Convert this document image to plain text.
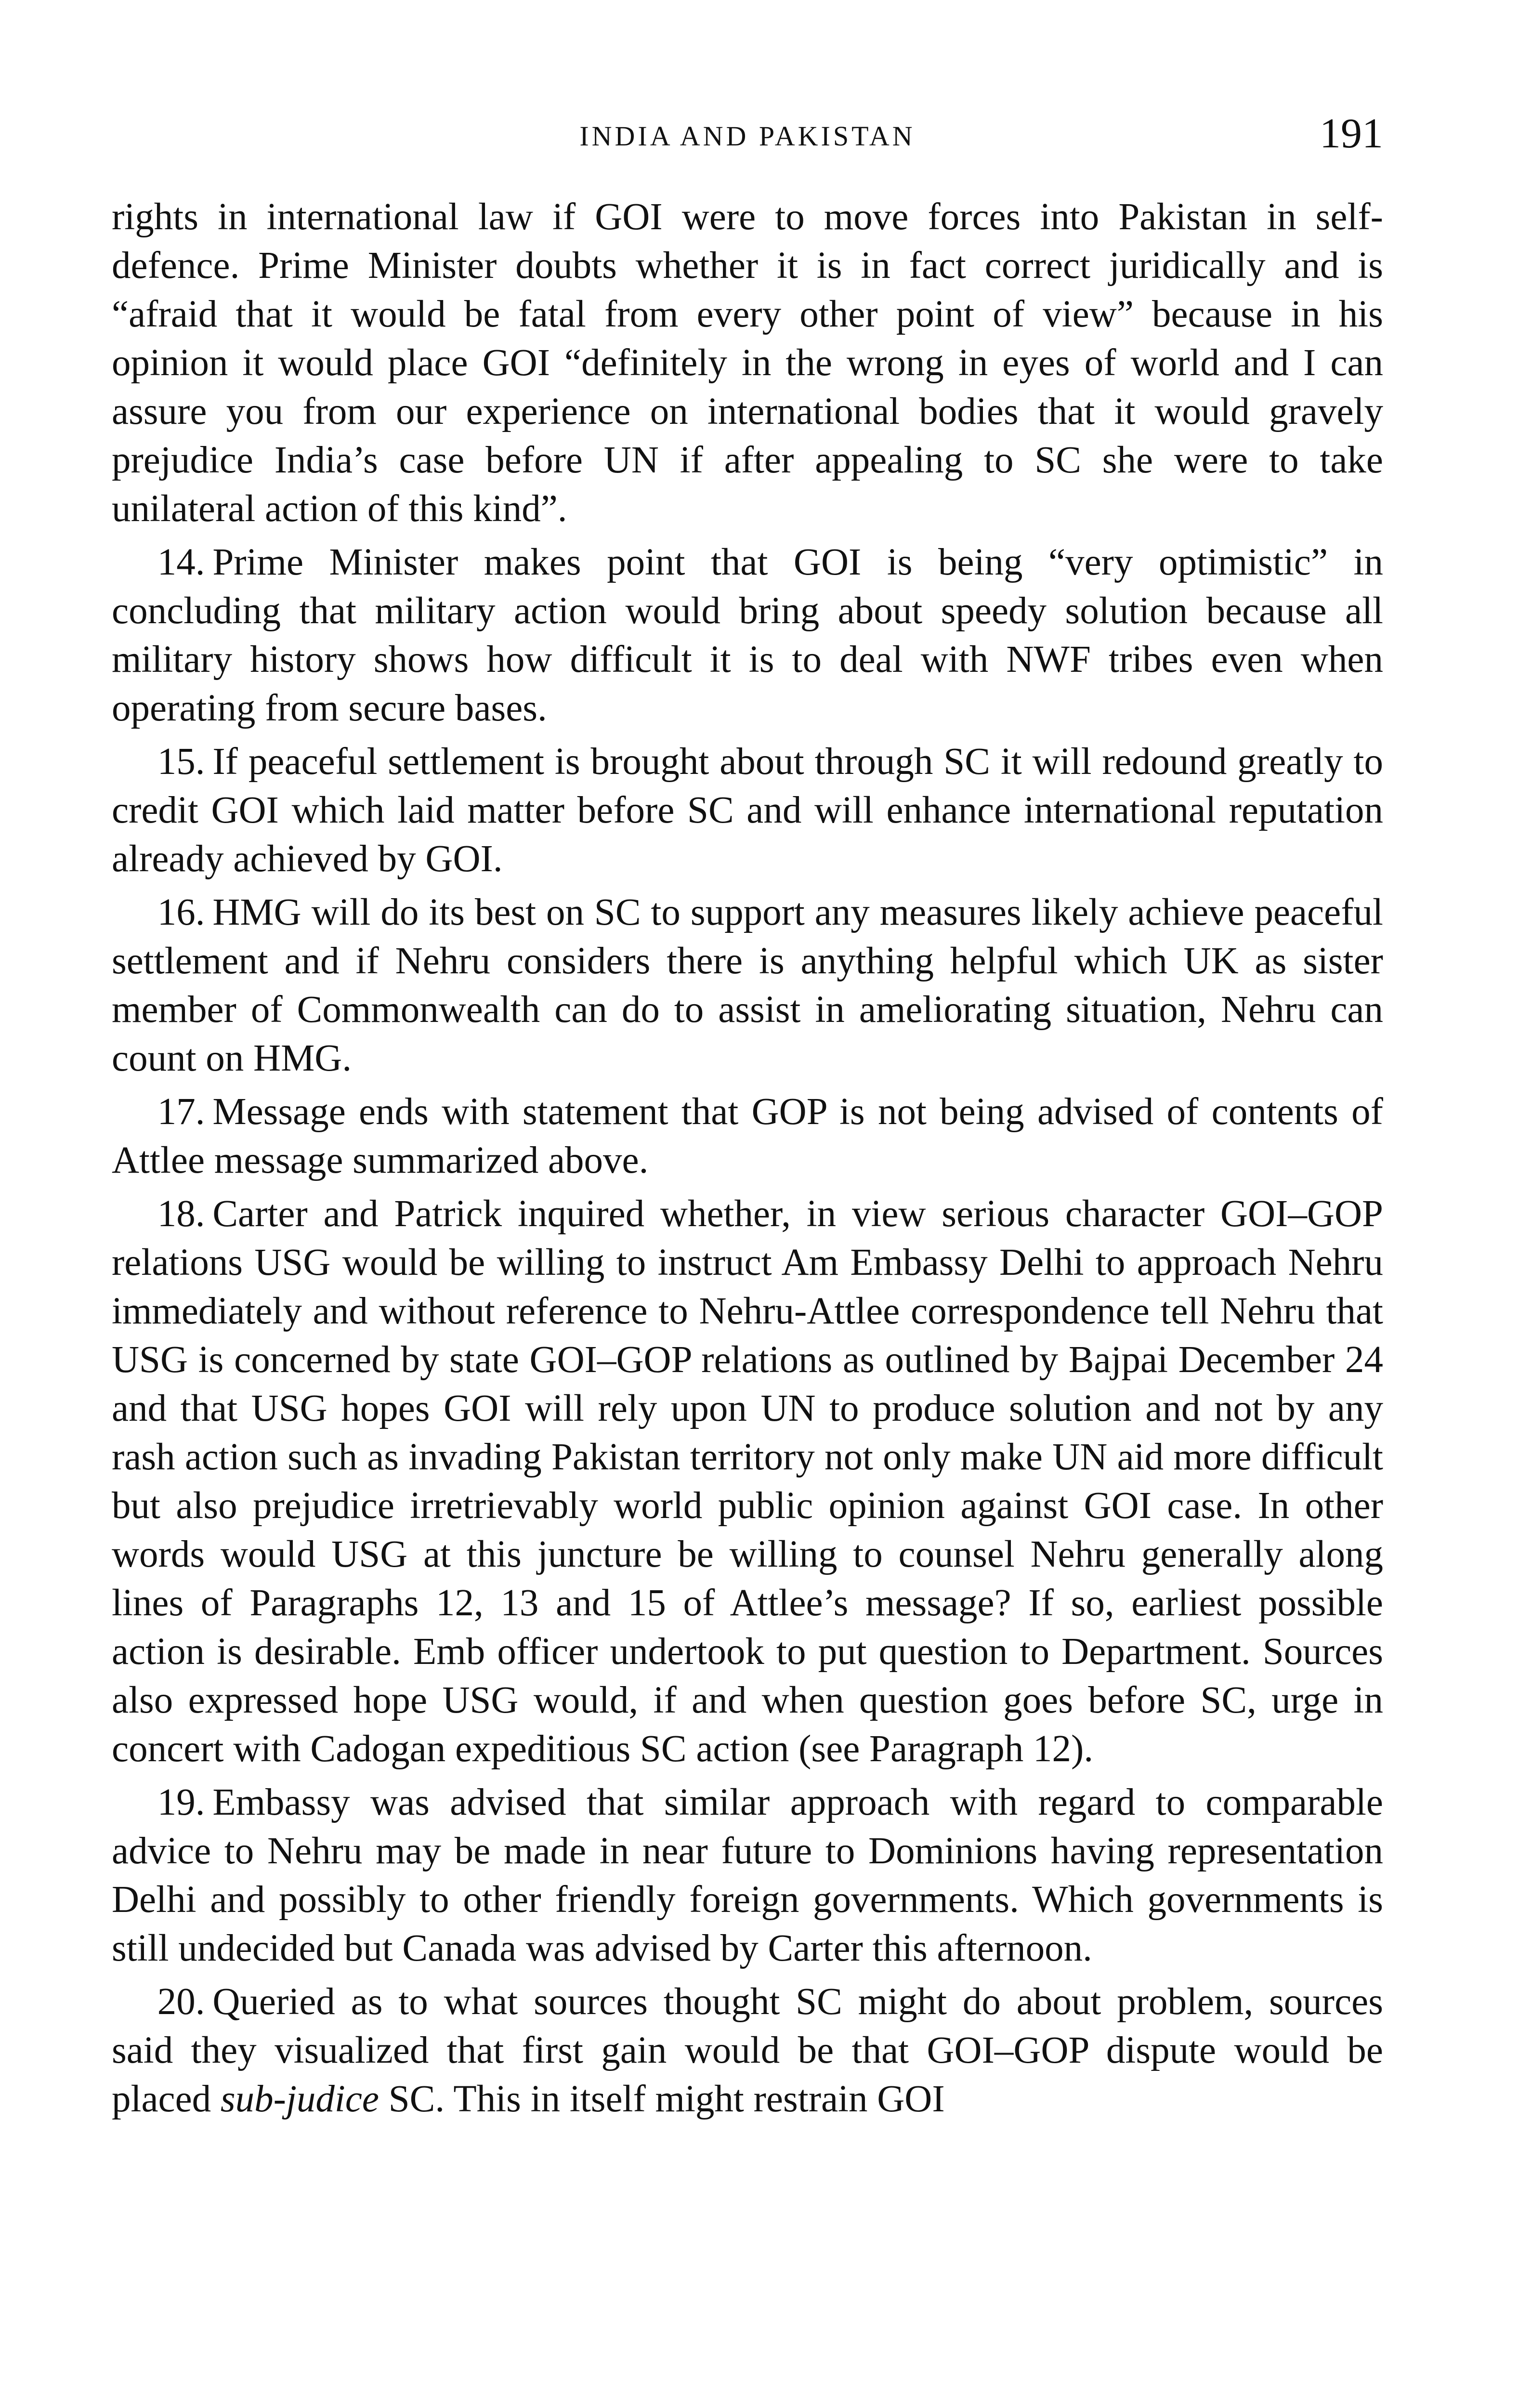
INDIA AND PAKISTAN	191

rights in international law if GOI were to move forces into Pakistan in self-defence. Prime Minister doubts whether it is in fact correct juridically and is “afraid that it would be fatal from every other point of view” because in his opinion it would place GOI “definitely in the wrong in eyes of world and I can assure you from our experience on international bodies that it would gravely prejudice India’s case before UN if after appealing to SC she were to take unilateral action of this kind”.

14. Prime Minister makes point that GOI is being “very optimistic” in concluding that military action would bring about speedy solution because all military history shows how difficult it is to deal with NWF tribes even when operating from secure bases.

15. If peaceful settlement is brought about through SC it will redound greatly to credit GOI which laid matter before SC and will enhance international reputation already achieved by GOI.

16. HMG will do its best on SC to support any measures likely achieve peaceful settlement and if Nehru considers there is anything helpful which UK as sister member of Commonwealth can do to assist in ameliorating situation, Nehru can count on HMG.

17. Message ends with statement that GOP is not being advised of contents of Attlee message summarized above.

18. Carter and Patrick inquired whether, in view serious character GOI–GOP relations USG would be willing to instruct Am Embassy Delhi to approach Nehru immediately and without reference to Nehru-Attlee correspondence tell Nehru that USG is concerned by state GOI–GOP relations as outlined by Bajpai December 24 and that USG hopes GOI will rely upon UN to produce solution and not by any rash action such as invading Pakistan territory not only make UN aid more difficult but also prejudice irretrievably world public opinion against GOI case. In other words would USG at this juncture be willing to counsel Nehru generally along lines of Paragraphs 12, 13 and 15 of Attlee’s message? If so, earliest possible action is desirable. Emb officer undertook to put question to Department. Sources also expressed hope USG would, if and when question goes before SC, urge in concert with Cadogan expeditious SC action (see Paragraph 12).

19. Embassy was advised that similar approach with regard to comparable advice to Nehru may be made in near future to Dominions having representation Delhi and possibly to other friendly foreign governments. Which governments is still undecided but Canada was advised by Carter this afternoon.

20. Queried as to what sources thought SC might do about problem, sources said they visualized that first gain would be that GOI–GOP dispute would be placed sub-judice SC. This in itself might restrain GOI
